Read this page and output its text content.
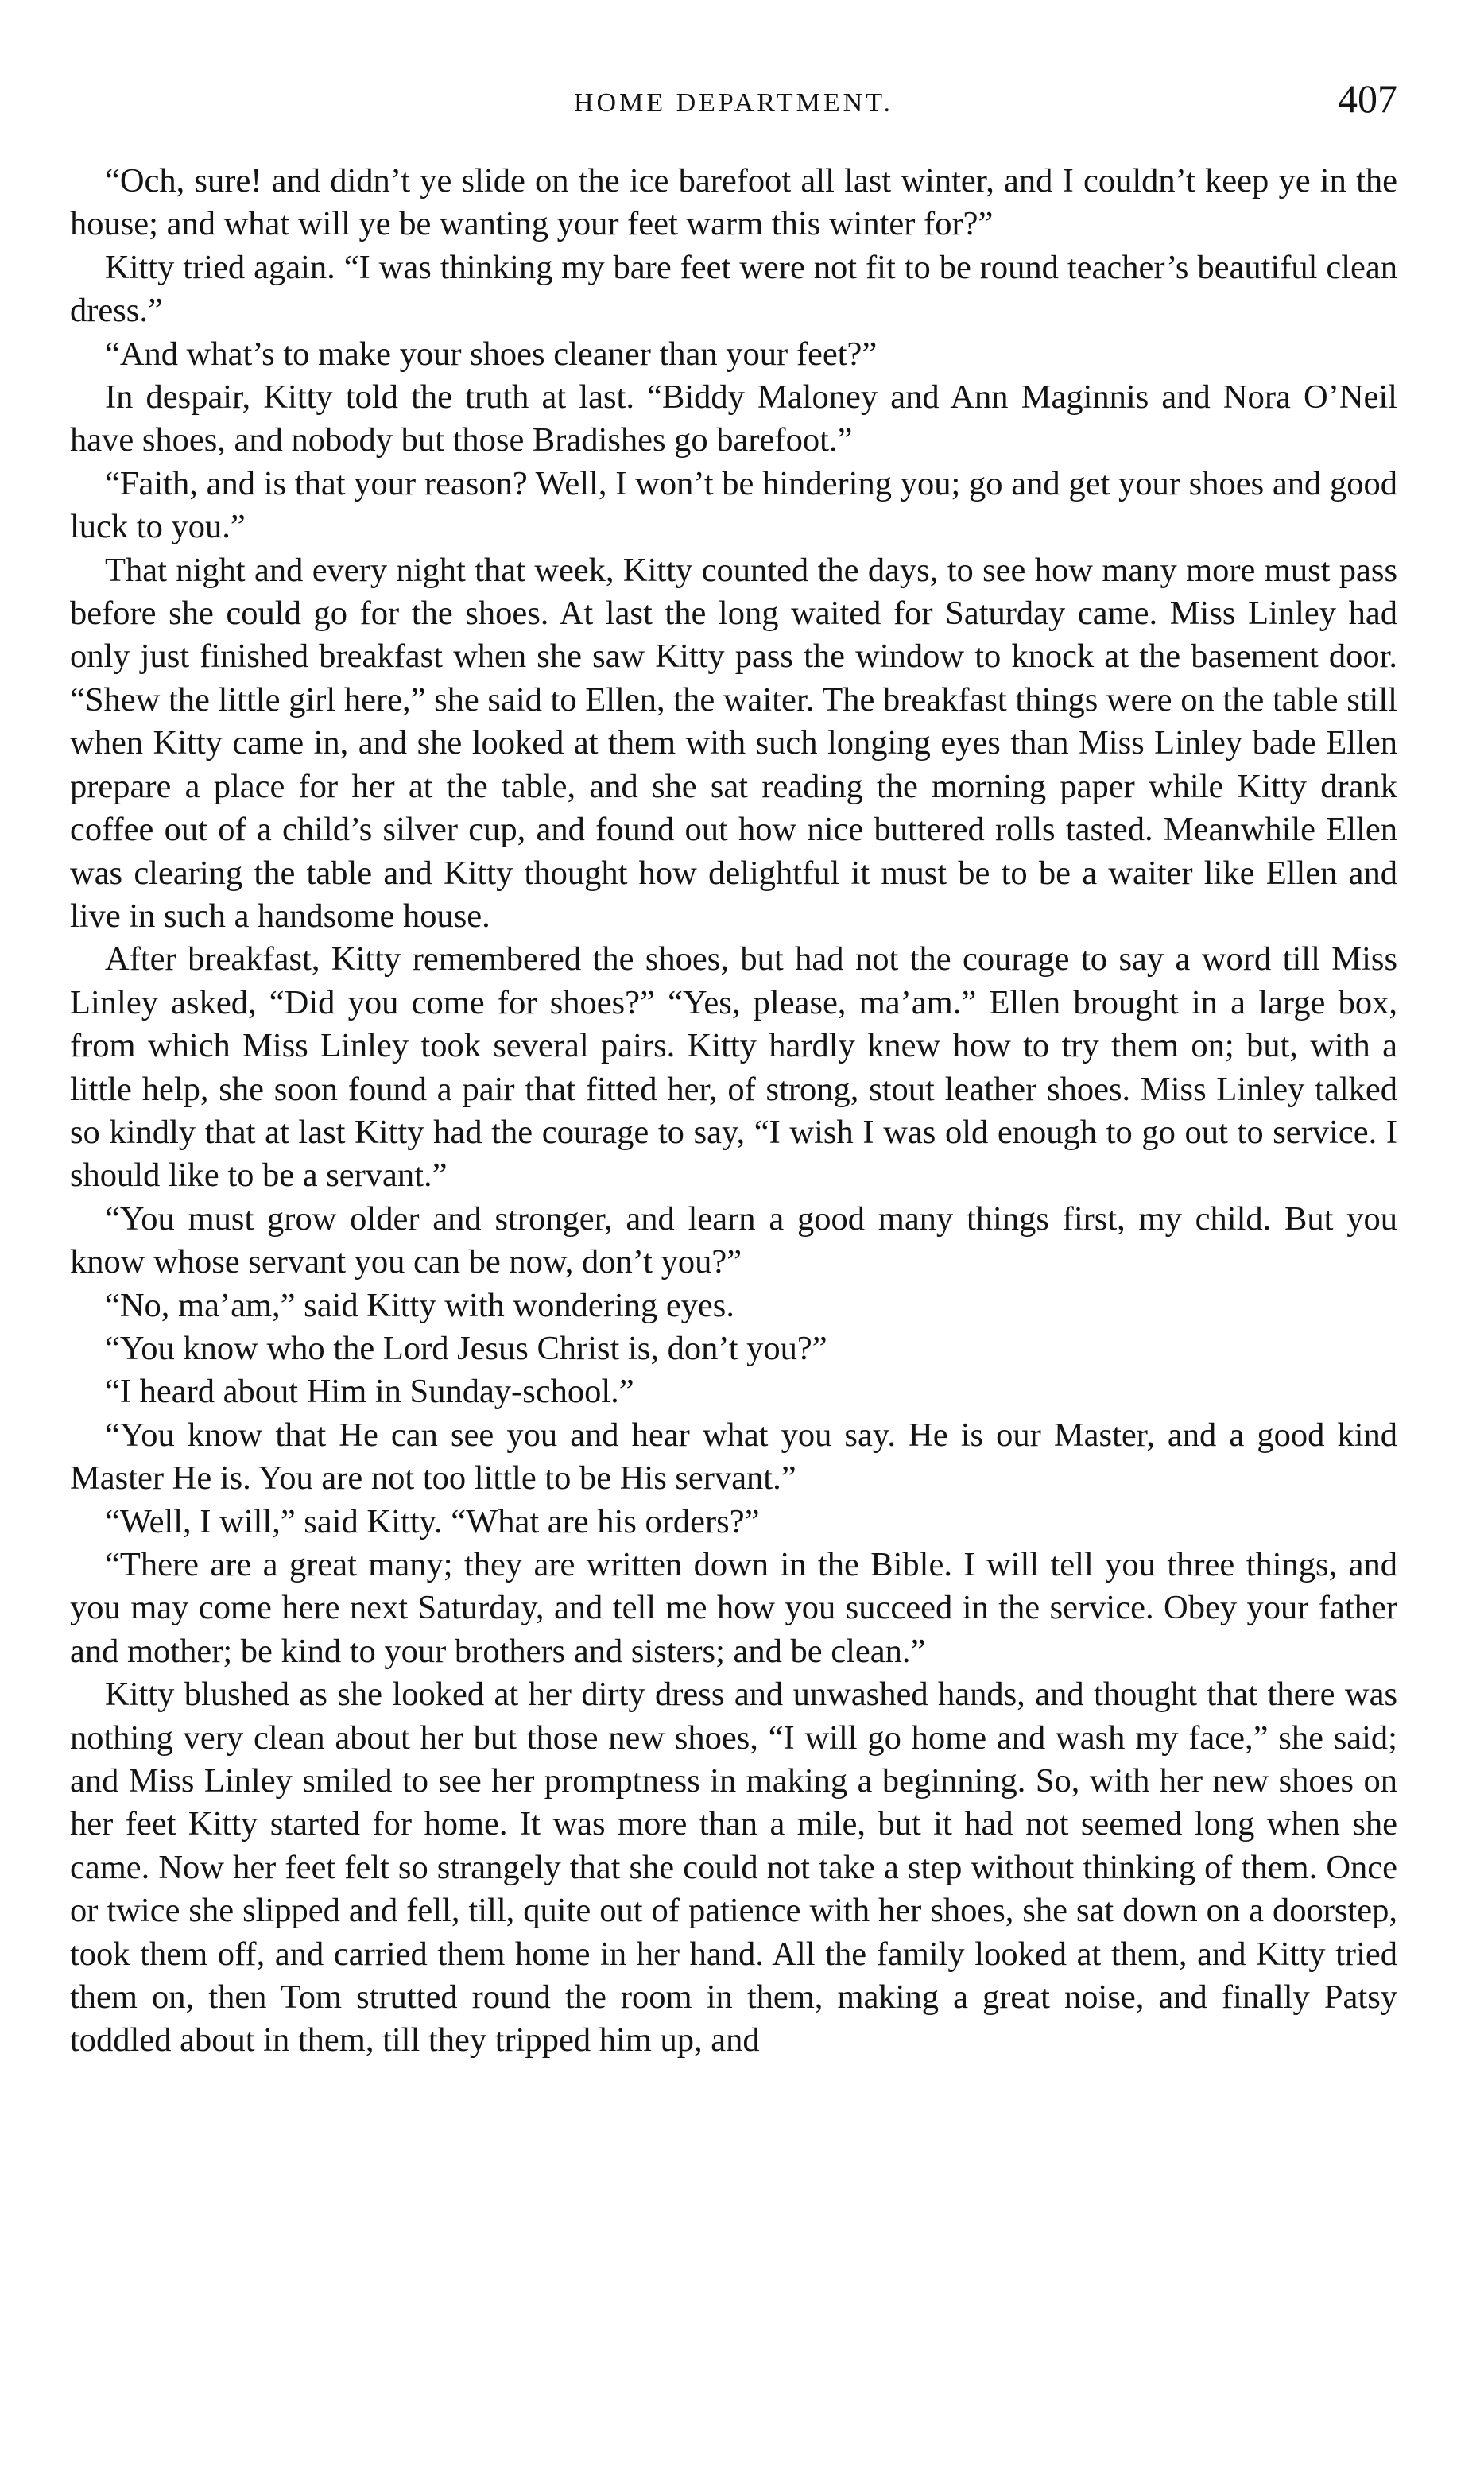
HOME DEPARTMENT.	407

“Och, sure! and didn’t ye slide on the ice barefoot all last winter, and I couldn’t keep ye in the house; and what will ye be wanting your feet warm this winter for?”

Kitty tried again. “I was thinking my bare feet were not fit to be round teacher’s beautiful clean dress.”

“And what’s to make your shoes cleaner than your feet?”

In despair, Kitty told the truth at last. “Biddy Maloney and Ann Maginnis and Nora O’Neil have shoes, and nobody but those Bradishes go barefoot.”

“Faith, and is that your reason? Well, I won’t be hindering you; go and get your shoes and good luck to you.”

That night and every night that week, Kitty counted the days, to see how many more must pass before she could go for the shoes. At last the long waited for Saturday came. Miss Linley had only just finished breakfast when she saw Kitty pass the window to knock at the basement door. “Shew the little girl here,” she said to Ellen, the waiter. The breakfast things were on the table still when Kitty came in, and she looked at them with such longing eyes than Miss Linley bade Ellen prepare a place for her at the table, and she sat reading the morning paper while Kitty drank coffee out of a child’s silver cup, and found out how nice buttered rolls tasted. Meanwhile Ellen was clearing the table and Kitty thought how delightful it must be to be a waiter like Ellen and live in such a handsome house.

After breakfast, Kitty remembered the shoes, but had not the courage to say a word till Miss Linley asked, “Did you come for shoes?” “Yes, please, ma’am.” Ellen brought in a large box, from which Miss Linley took several pairs. Kitty hardly knew how to try them on; but, with a little help, she soon found a pair that fitted her, of strong, stout leather shoes. Miss Linley talked so kindly that at last Kitty had the courage to say, “I wish I was old enough to go out to service. I should like to be a servant.”

“You must grow older and stronger, and learn a good many things first, my child. But you know whose servant you can be now, don’t you?”

“No, ma’am,” said Kitty with wondering eyes.

“You know who the Lord Jesus Christ is, don’t you?”

“I heard about Him in Sunday-school.”

“You know that He can see you and hear what you say. He is our Master, and a good kind Master He is. You are not too little to be His servant.”

“Well, I will,” said Kitty. “What are his orders?”

“There are a great many; they are written down in the Bible. I will tell you three things, and you may come here next Saturday, and tell me how you succeed in the service. Obey your father and mother; be kind to your brothers and sisters; and be clean.”

Kitty blushed as she looked at her dirty dress and unwashed hands, and thought that there was nothing very clean about her but those new shoes, “I will go home and wash my face,” she said; and Miss Linley smiled to see her promptness in making a beginning. So, with her new shoes on her feet Kitty started for home. It was more than a mile, but it had not seemed long when she came. Now her feet felt so strangely that she could not take a step without thinking of them. Once or twice she slipped and fell, till, quite out of patience with her shoes, she sat down on a doorstep, took them off, and carried them home in her hand. All the family looked at them, and Kitty tried them on, then Tom strutted round the room in them, making a great noise, and finally Patsy toddled about in them, till they tripped him up, and
